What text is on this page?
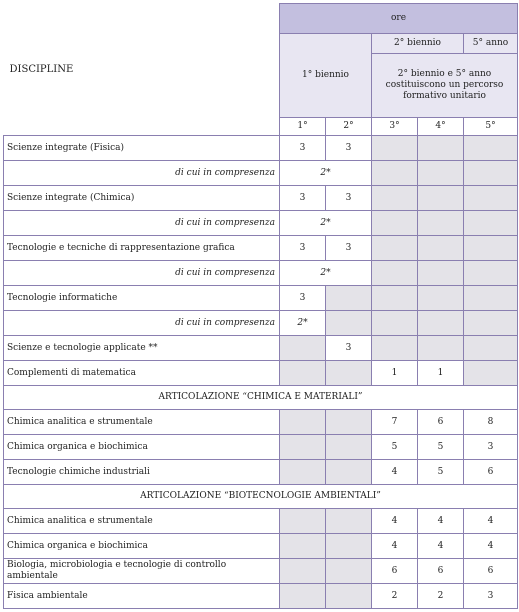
DISCIPLINE	ore				
	1° biennio		2° biennio		5° anno
			2° biennio e 5° anno costituiscono un percorso formativo unitario		
	1°	2°	3°	4°	5°
Scienze integrate (Fisica)	3	3			
di cui in compresenza	2*				
Scienze integrate (Chimica)	3	3			
di cui in compresenza	2*				
Tecnologie e tecniche di rappresentazione grafica	3	3			
di cui in compresenza	2*				
Tecnologie informatiche	3				
di cui in compresenza	2*				
Scienze e tecnologie applicate **		3			
Complementi di matematica			1	1	
ARTICOLAZIONE “CHIMICA E MATERIALI”					
Chimica analitica e strumentale			7	6	8
Chimica organica e biochimica			5	5	3
Tecnologie chimiche industriali			4	5	6
ARTICOLAZIONE “BIOTECNOLOGIE AMBIENTALI”					
Chimica analitica e strumentale			4	4	4
Chimica organica e biochimica			4	4	4
Biologia, microbiologia e tecnologie di controllo ambientale			6	6	6
Fisica ambientale			2	2	3
